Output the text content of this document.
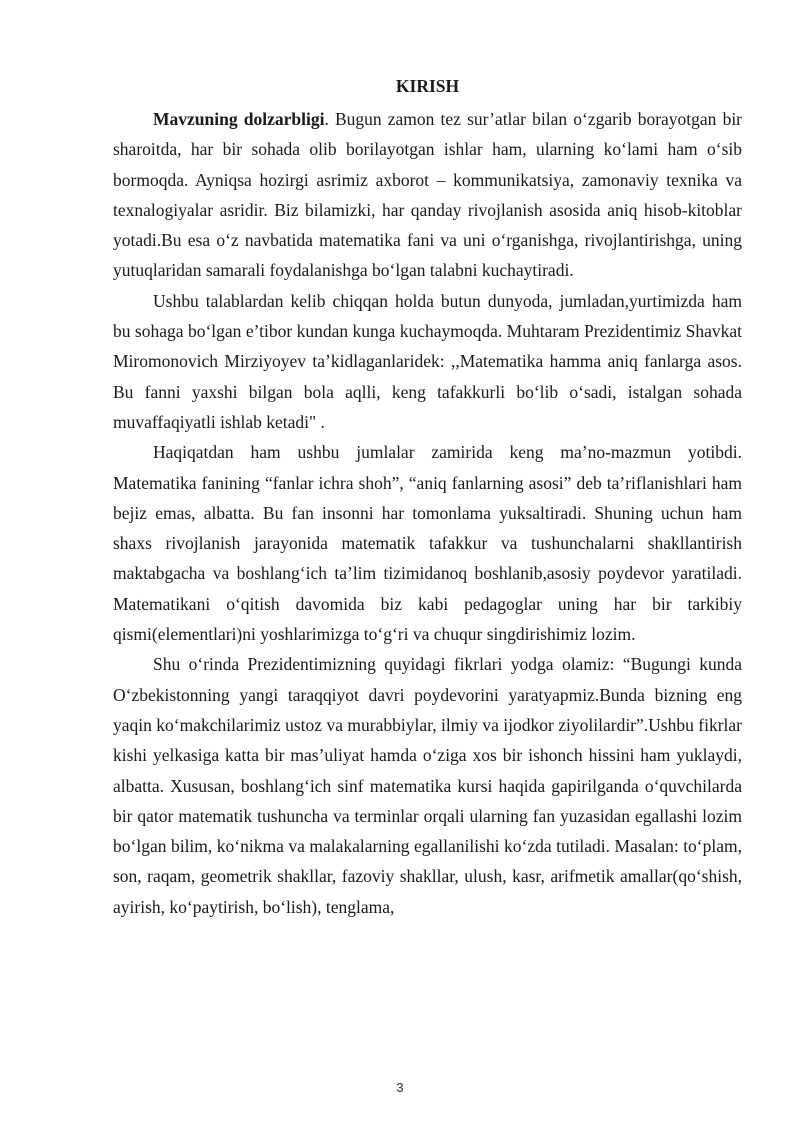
KIRISH

Mavzuning dolzarbligi. Bugun zamon tez sur’atlar bilan o‘zgarib borayotgan bir sharoitda, har bir sohada olib borilayotgan ishlar ham, ularning ko‘lami ham o‘sib bormoqda. Ayniqsa hozirgi asrimiz axborot – kommunikatsiya, zamonaviy texnika va texnalogiyalar asridir. Biz bilamizki, har qanday rivojlanish asosida aniq hisob-kitoblar yotadi.Bu esa o‘z navbatida matematika fani va uni o‘rganishga, rivojlantirishga, uning yutuqlaridan samarali foydalanishga bo‘lgan talabni kuchaytiradi.

Ushbu talablardan kelib chiqqan holda butun dunyoda, jumladan,yurtimizda ham bu sohaga bo‘lgan e’tibor kundan kunga kuchaymoqda. Muhtaram Prezidentimiz Shavkat Miromonovich Mirziyoyev ta’kidlaganlaridek: ,,Matematika hamma aniq fanlarga asos. Bu fanni yaxshi bilgan bola aqlli, keng tafakkurli bo‘lib o‘sadi, istalgan sohada muvaffaqiyatli ishlab ketadi" .

Haqiqatdan ham ushbu jumlalar zamirida keng ma’no-mazmun yotibdi. Matematika fanining “fanlar ichra shoh”, “aniq fanlarning asosi” deb ta’riflanishlari ham bejiz emas, albatta. Bu fan insonni har tomonlama yuksaltiradi. Shuning uchun ham shaxs rivojlanish jarayonida matematik tafakkur va tushunchalarni shakllantirish maktabgacha va boshlang‘ich ta’lim tizimidanoq boshlanib,asosiy poydevor yaratiladi. Matematikani o‘qitish davomida biz kabi pedagoglar uning har bir tarkibiy qismi(elementlari)ni yoshlarimizga to‘g‘ri va chuqur singdirishimiz lozim.

Shu o‘rinda Prezidentimizning quyidagi fikrlari yodga olamiz: “Bugungi kunda O‘zbekistonning yangi taraqqiyot davri poydevorini yaratyapmiz.Bunda bizning eng yaqin ko‘makchilarimiz ustoz va murabbiylar, ilmiy va ijodkor ziyolilardir”.Ushbu fikrlar kishi yelkasiga katta bir mas’uliyat hamda o‘ziga xos bir ishonch hissini ham yuklaydi, albatta. Xususan, boshlang‘ich sinf matematika kursi haqida gapirilganda o‘quvchilarda bir qator matematik tushuncha va terminlar orqali ularning fan yuzasidan egallashi lozim bo‘lgan bilim, ko‘nikma va malakalarning egallanilishi ko‘zda tutiladi. Masalan: to‘plam, son, raqam, geometrik shakllar, fazoviy shakllar, ulush, kasr, arifmetik amallar(qo‘shish, ayirish, ko‘paytirish, bo‘lish), tenglama,

3
